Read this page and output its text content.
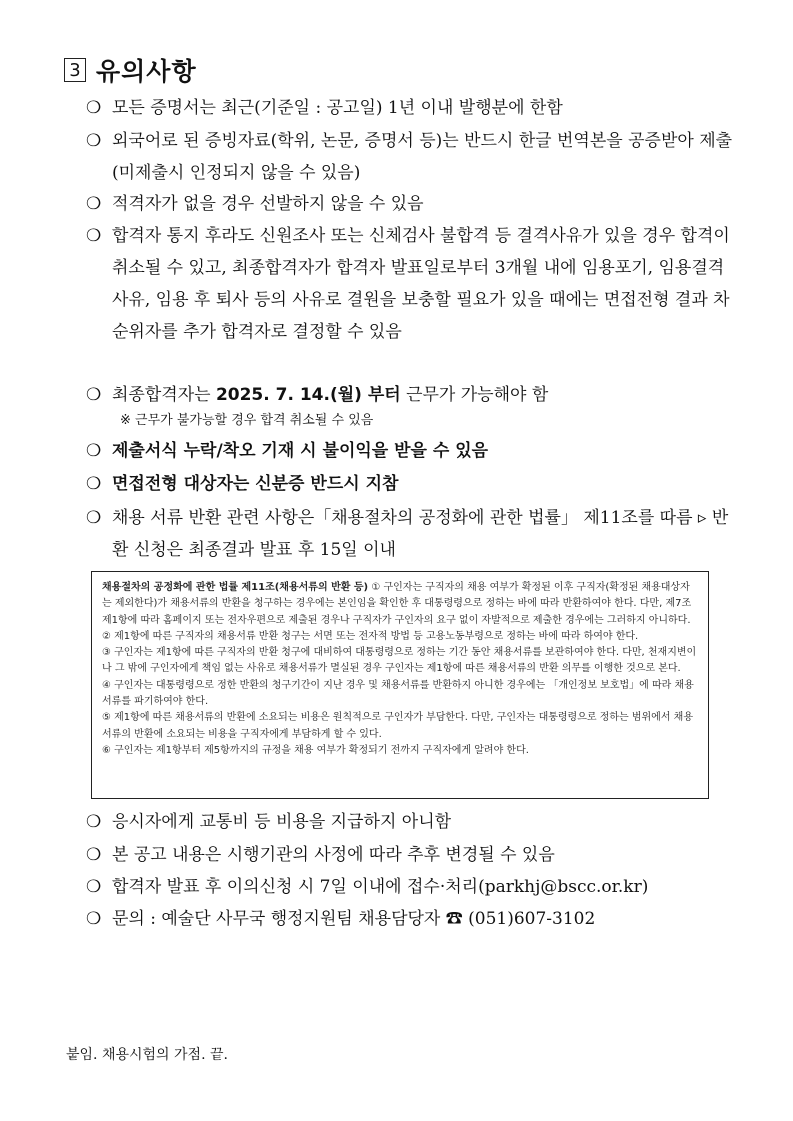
3 유의사항
❍ 모든 증명서는 최근(기준일 : 공고일) 1년 이내 발행분에 한함
❍ 외국어로 된 증빙자료(학위, 논문, 증명서 등)는 반드시 한글 번역본을 공증받아 제출(미제출시 인정되지 않을 수 있음)
❍ 적격자가 없을 경우 선발하지 않을 수 있음
❍ 합격자 통지 후라도 신원조사 또는 신체검사 불합격 등 결격사유가 있을 경우 합격이 취소될 수 있고, 최종합격자가 합격자 발표일로부터 3개월 내에 임용포기, 임용결격사유, 임용 후 퇴사 등의 사유로 결원을 보충할 필요가 있을 때에는 면접전형 결과 차순위자를 추가 합격자로 결정할 수 있음
❍ 최종합격자는 2025. 7. 14.(월) 부터 근무가 가능해야 함
※ 근무가 불가능할 경우 합격 취소될 수 있음
❍ 제출서식 누락/착오 기재 시 불이익을 받을 수 있음
❍ 면접전형 대상자는 신분증 반드시 지참
❍ 채용 서류 반환 관련 사항은「채용절차의 공정화에 관한 법률」 제11조를 따름 ▹ 반환 신청은 최종결과 발표 후 15일 이내

채용절차의 공정화에 관한 법률 제11조(채용서류의 반환 등) ① 구인자는 구직자의 채용 여부가 확정된 이후 구직자(확정된 채용대상자는 제외한다)가 채용서류의 반환을 청구하는 경우에는 본인임을 확인한 후 대통령령으로 정하는 바에 따라 반환하여야 한다. 다만, 제7조제1항에 따라 홈페이지 또는 전자우편으로 제출된 경우나 구직자가 구인자의 요구 없이 자발적으로 제출한 경우에는 그러하지 아니하다.

② 제1항에 따른 구직자의 채용서류 반환 청구는 서면 또는 전자적 방법 등 고용노동부령으로 정하는 바에 따라 하여야 한다.

③ 구인자는 제1항에 따른 구직자의 반환 청구에 대비하여 대통령령으로 정하는 기간 동안 채용서류를 보관하여야 한다. 다만, 천재지변이나 그 밖에 구인자에게 책임 없는 사유로 채용서류가 멸실된 경우 구인자는 제1항에 따른 채용서류의 반환 의무를 이행한 것으로 본다.

④ 구인자는 대통령령으로 정한 반환의 청구기간이 지난 경우 및 채용서류를 반환하지 아니한 경우에는 「개인정보 보호법」에 따라 채용서류를 파기하여야 한다.

⑤ 제1항에 따른 채용서류의 반환에 소요되는 비용은 원칙적으로 구인자가 부담한다. 다만, 구인자는 대통령령으로 정하는 범위에서 채용서류의 반환에 소요되는 비용을 구직자에게 부담하게 할 수 있다.

⑥ 구인자는 제1항부터 제5항까지의 규정을 채용 여부가 확정되기 전까지 구직자에게 알려야 한다.

❍ 응시자에게 교통비 등 비용을 지급하지 아니함
❍ 본 공고 내용은 시행기관의 사정에 따라 추후 변경될 수 있음
❍ 합격자 발표 후 이의신청 시 7일 이내에 접수·처리(parkhj@bscc.or.kr)
❍ 문의 : 예술단 사무국 행정지원팀 채용담당자 ☎ (051)607-3102
붙임. 채용시험의 가점. 끝.
